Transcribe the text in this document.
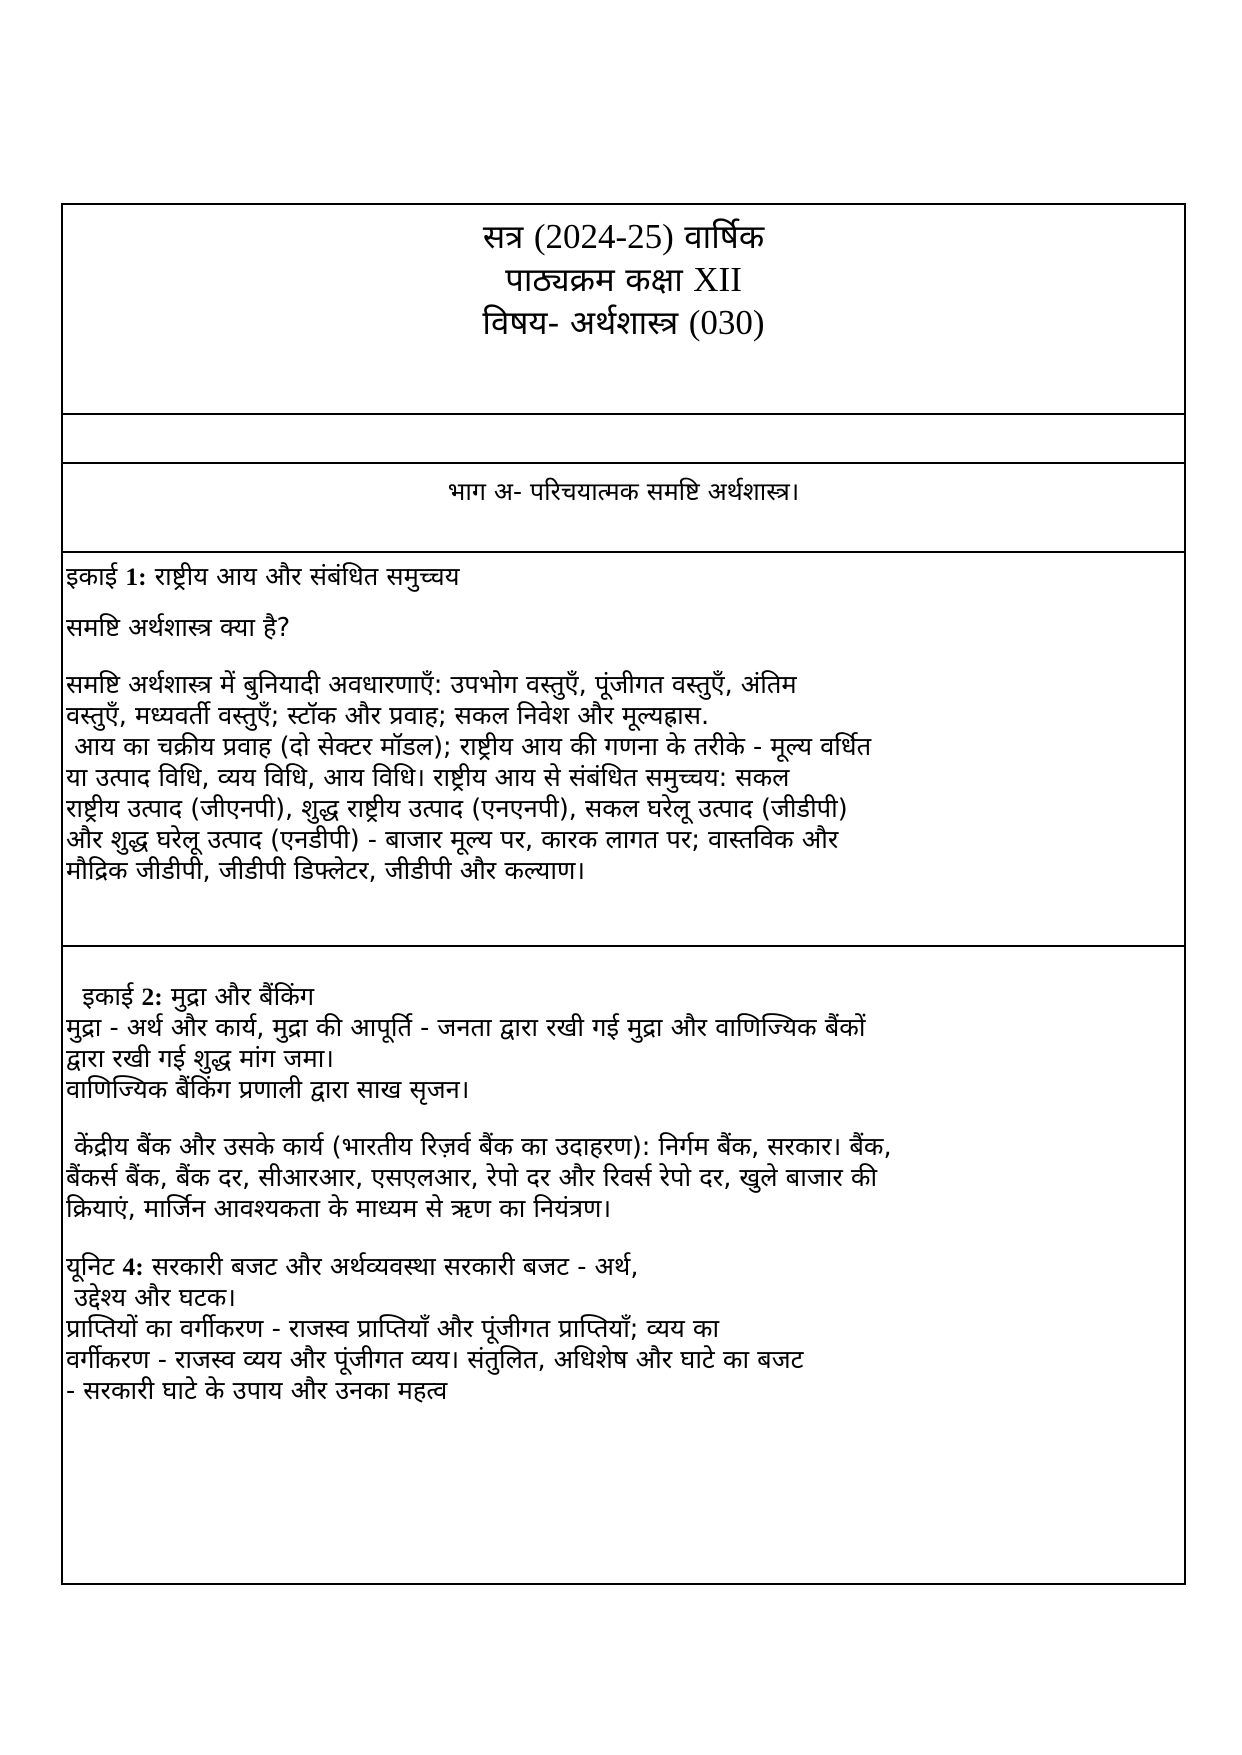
सत्र (2024-25) वार्षिक

पाठ्यक्रम कक्षा XII

विषय- अर्थशास्त्र (030)

भाग अ- परिचयात्मक समष्टि अर्थशास्त्र।

इकाई 1: राष्ट्रीय आय और संबंधित समुच्चय

समष्टि अर्थशास्त्र क्या है?

समष्टि अर्थशास्त्र में बुनियादी अवधारणाएँ: उपभोग वस्तुएँ, पूंजीगत वस्तुएँ, अंतिम

वस्तुएँ, मध्यवर्ती वस्तुएँ; स्टॉक और प्रवाह; सकल निवेश और मूल्यह्रास.

आय का चक्रीय प्रवाह (दो सेक्टर मॉडल); राष्ट्रीय आय की गणना के तरीके - मूल्य वर्धित

या उत्पाद विधि, व्यय विधि, आय विधि। राष्ट्रीय आय से संबंधित समुच्चय: सकल

राष्ट्रीय उत्पाद (जीएनपी), शुद्ध राष्ट्रीय उत्पाद (एनएनपी), सकल घरेलू उत्पाद (जीडीपी)

और शुद्ध घरेलू उत्पाद (एनडीपी) - बाजार मूल्य पर, कारक लागत पर; वास्तविक और

मौद्रिक जीडीपी, जीडीपी डिफ्लेटर, जीडीपी और कल्याण।

इकाई 2: मुद्रा और बैंकिंग

मुद्रा - अर्थ और कार्य, मुद्रा की आपूर्ति - जनता द्वारा रखी गई मुद्रा और वाणिज्यिक बैंकों

द्वारा रखी गई शुद्ध मांग जमा।

वाणिज्यिक बैंकिंग प्रणाली द्वारा साख सृजन।

केंद्रीय बैंक और उसके कार्य (भारतीय रिज़र्व बैंक का उदाहरण): निर्गम बैंक, सरकार। बैंक,

बैंकर्स बैंक, बैंक दर, सीआरआर, एसएलआर, रेपो दर और रिवर्स रेपो दर, खुले बाजार की

क्रियाएं, मार्जिन आवश्यकता के माध्यम से ऋण का नियंत्रण।

यूनिट 4: सरकारी बजट और अर्थव्यवस्था सरकारी बजट - अर्थ,

उद्देश्य और घटक।

प्राप्तियों का वर्गीकरण - राजस्व प्राप्तियाँ और पूंजीगत प्राप्तियाँ; व्यय का

वर्गीकरण - राजस्व व्यय और पूंजीगत व्यय। संतुलित, अधिशेष और घाटे का बजट

- सरकारी घाटे के उपाय और उनका महत्व
